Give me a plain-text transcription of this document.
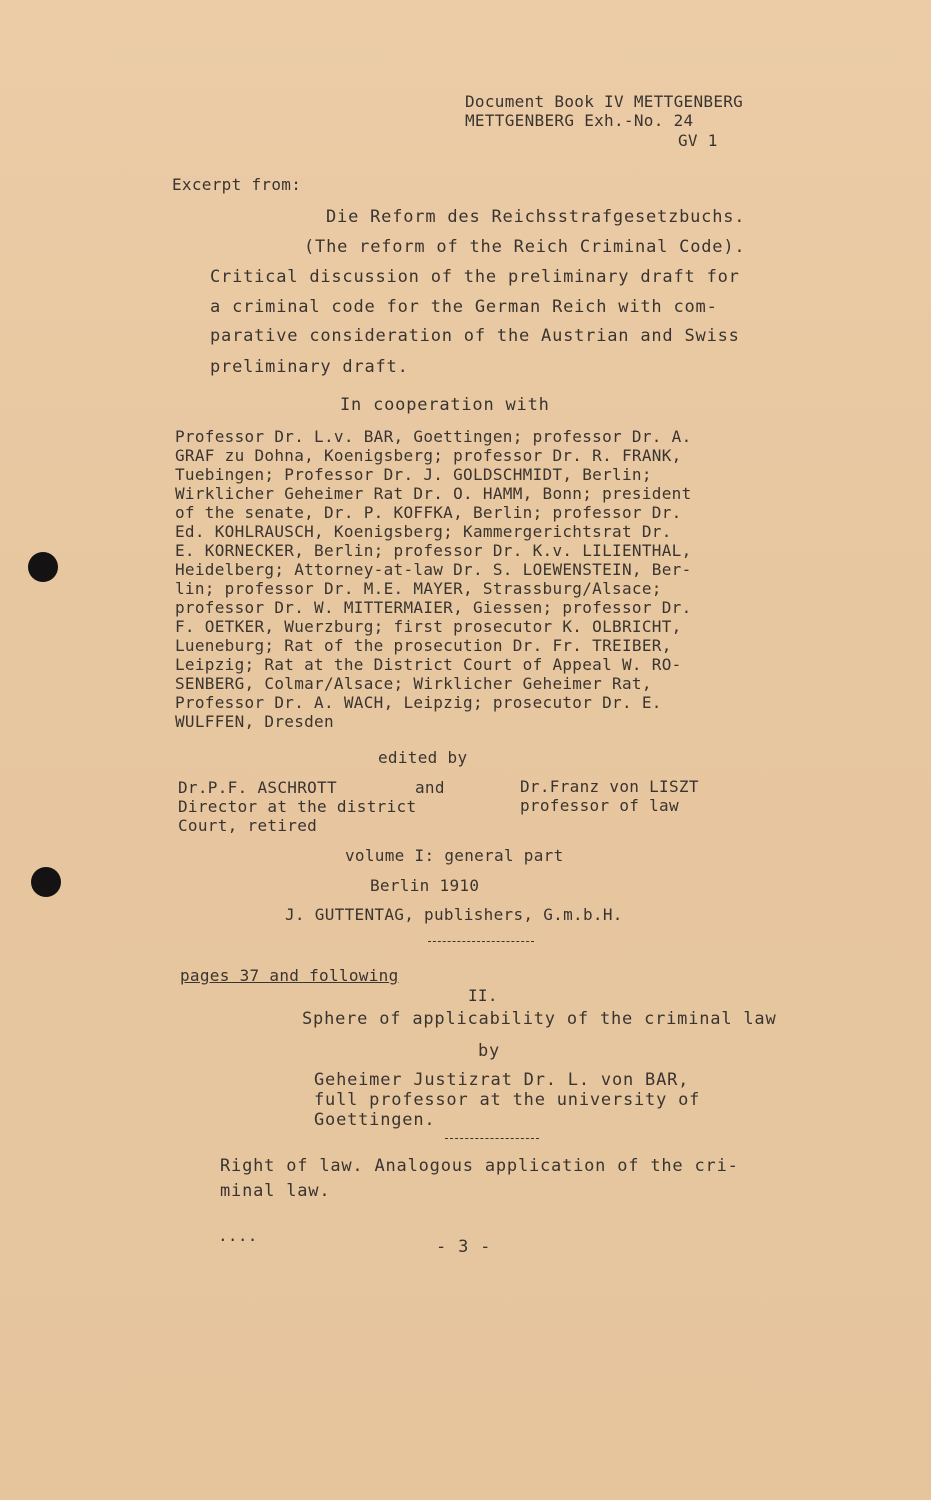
Document Book IV METTGENBERG
METTGENBERG Exh.-No. 24
GV 1
Excerpt from:
Die Reform des Reichsstrafgesetzbuchs.
(The reform of the Reich Criminal Code).
Critical discussion of the preliminary draft for
a criminal code for the German Reich with com-
parative consideration of the Austrian and Swiss
preliminary draft.
In cooperation with
Professor Dr. L.v. BAR, Goettingen; professor Dr. A.
GRAF zu Dohna, Koenigsberg; professor Dr. R. FRANK,
Tuebingen; Professor Dr. J. GOLDSCHMIDT, Berlin;
Wirklicher Geheimer Rat Dr. O. HAMM, Bonn; president
of the senate, Dr. P. KOFFKA, Berlin; professor Dr.
Ed. KOHLRAUSCH, Koenigsberg; Kammergerichtsrat Dr.
E. KORNECKER, Berlin; professor Dr. K.v. LILIENTHAL,
Heidelberg; Attorney-at-law Dr. S. LOEWENSTEIN, Ber-
lin; professor Dr. M.E. MAYER, Strassburg/Alsace;
professor Dr. W. MITTERMAIER, Giessen; professor Dr.
F. OETKER, Wuerzburg; first prosecutor K. OLBRICHT,
Lueneburg; Rat of the prosecution Dr. Fr. TREIBER,
Leipzig; Rat at the District Court of Appeal W. RO-
SENBERG, Colmar/Alsace; Wirklicher Geheimer Rat,
Professor Dr. A. WACH, Leipzig; prosecutor Dr. E.
WULFFEN, Dresden
edited by
Dr.P.F. ASCHROTT	and
Director at the district
Court, retired
Dr.Franz von LISZT
professor of law
volume I: general part
Berlin 1910
J. GUTTENTAG, publishers, G.m.b.H.
pages 37 and following
II.
Sphere of applicability of the criminal law
by
Geheimer Justizrat Dr. L. von BAR,
full professor at the university of
Goettingen.
Right of law. Analogous application of the cri-
minal law.
....
- 3 -
